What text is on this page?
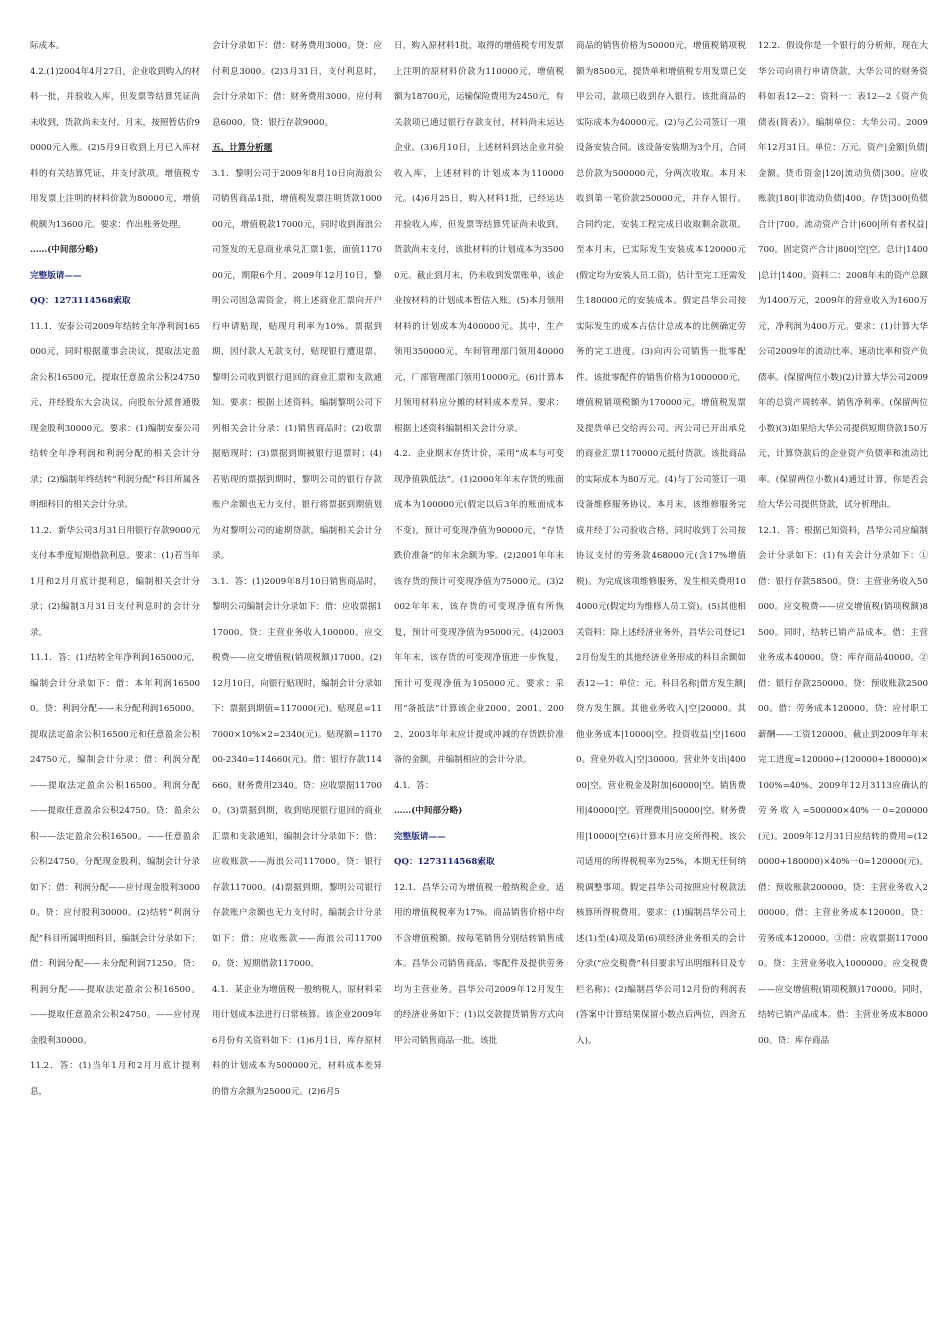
际成本。

4.2.(1)2004年4月27日，企业收到购入的材料一批，并验收入库，但发票等结算凭证尚未收到，货款尚未支付。月末，按照暂估价90000元入账。(2)5月9日收到上月已入库材料的有关结算凭证，并支付款项。增值税专用发票上注明的材料价款为80000元，增值税额为13600元。要求：作出账务处理。

……(中间部分略)

完整版请——

QQ：1273114568索取

11.1．安泰公司2009年结转全年净利润165000元，同时根据董事会决议，提取法定盈余公积16500元，提取任意盈余公积24750元，并经股东大会决议，向股东分派普通股现金股利30000元。要求：(1)编制安泰公司结转全年净利润和利润分配的相关会计分录；(2)编制年终结转“利润分配”科目所属各明细科目的相关会计分录。

11.2．新华公司3月31日用银行存款9000元支付本季度短期借款利息。要求：(1)若当年1月和2月月底计提利息，编制相关会计分录；(2)编制3月31日支付利息时的会计分录。

11.1．答：(1)结转全年净利润165000元，编制会计分录如下：借：本年利润165000。贷：利润分配——未分配利润165000。提取法定盈余公积16500元和任意盈余公积24750元，编制会计分录：借：利润分配——提取法定盈余公积16500。利润分配——提取任意盈余公积24750。贷：盈余公积——法定盈余公积16500。——任意盈余公积24750。分配现金股利，编制会计分录如下：借：利润分配——应付现金股利30000。贷：应付股利30000。(2)结转“利润分配”科目所属明细科目，编制会计分录如下：借：利润分配——未分配利润71250。贷：利润分配——提取法定盈余公积16500。——提取任意盈余公积24750。——应付现金股利30000。

11.2．答：(1)当年1月和2月月底计提利息，

会计分录如下：借：财务费用3000。贷：应付利息3000。(2)3月31日，支付利息时，会计分录如下：借：财务费用3000。应付利息6000。贷：银行存款9000。

五、计算分析题

3.1．黎明公司于2009年8月10日向海浪公司销售商品1批，增值税发票注明货款100000元，增值税款17000元，同时收到海浪公司签发的无息商业承兑汇票1张，面值117000元，期限6个月。2009年12月10日，黎明公司因急需资金，将上述商业汇票向开户行申请贴现，贴现月利率为10%。票据到期，因付款人无款支付，贴现银行遭退票。黎明公司收到银行退回的商业汇票和支款通知。要求：根据上述资料，编制黎明公司下列相关会计分录：(1)销售商品时；(2)收票据贴现时；(3)票据到期被银行退票时；(4)若贴现的票据到期时，黎明公司的银行存款账户余额也无力支付，银行将票据到期值划为对黎明公司的逾期贷款，编制相关会计分录。

3.1．答：(1)2009年8月10日销售商品时，黎明公司编制会计分录如下：借：应收票据117000。贷：主营业务收入100000。应交税费——应交增值税(销项税额)17000。(2)12月10日，向银行贴现时，编制会计分录如下：票据到期值=117000(元)。贴现息=117000×10%×2=2340(元)。贴现额=117000-2340=114660(元)。借：银行存款114660。财务费用2340。贷：应收票据117000。(3)票据到期，收到贴现银行退回的商业汇票和支款通知，编制会计分录如下：借：应收账款——海浪公司117000。贷：银行存款117000。(4)票据到期，黎明公司银行存款账户余额也无力支付时，编制会计分录如下：借：应收账款——海浪公司117000。贷：短期借款117000。

4.1．某企业为增值税一般纳税人，原材料采用计划成本法进行日常核算。该企业2009年6月份有关资料如下：(1)6月1日，库存原材料的计划成本为500000元，材料成本差异的借方余额为25000元。(2)6月5

日，购入原材料1批，取得的增值税专用发票上注明的原材料价款为110000元，增值税额为18700元，运输保险费用为2450元，有关款项已通过银行存款支付，材料尚未运达企业。(3)6月10日，上述材料到达企业并验收入库，上述材料的计划成本为110000元。(4)6月25日，购入材料1批，已经运达并验收入库，但发票等结算凭证尚未收到，货款尚未支付，该批材料的计划成本为35000元。截止到月末，仍未收到发票账单，该企业按材料的计划成本暂估入账。(5)本月领用材料的计划成本为400000元。其中，生产领用350000元，车间管理部门领用40000元，厂部管理部门领用10000元。(6)计算本月领用材料应分摊的材料成本差异。要求：根据上述资料编制相关会计分录。

4.2．企业期末存货计价，采用“成本与可变现净值孰低法”。(1)2000年年末存货的账面成本为100000元(假定以后3年的账面成本不变)，预计可变现净值为90000元，“存货跌价准备”的年末余额为零。(2)2001年年末该存货的预计可变现净值为75000元。(3)2002年年末，该存货的可变现净值有所恢复，预计可变现净值为95000元。(4)2003年年末，该存货的可变现净值进一步恢复，预计可变现净值为105000元。要求：采用“备抵法”计算该企业2000、2001、2002、2003年年末应计提或冲减的存货跌价准备的金额，并编制相应的会计分录。

4.1．答：

……(中间部分略)

完整版请——

QQ：1273114568索取

12.1．昌华公司为增值税一般纳税企业，适用的增值税税率为17%。商品销售价格中均不含增值税额。按每笔销售分别结转销售成本。昌华公司销售商品、零配件及提供劳务均为主营业务。昌华公司2009年12月发生的经济业务如下：(1)以交款提货销售方式向甲公司销售商品一批。该批

商品的销售价格为50000元，增值税销项税额为8500元，提货单和增值税专用发票已交甲公司，款项已收到存入银行。该批商品的实际成本为40000元。(2)与乙公司签订一项设备安装合同。该设备安装期为3个月，合同总价款为500000元，分两次收取。本月末收到第一笔价款250000元，并存入银行。合同约定，安装工程完成日收取剩余款项。至本月末，已实际发生安装成本120000元(假定均为安装人员工资)，估计至完工还需发生180000元的安装成本。假定昌华公司按实际发生的成本占估计总成本的比例确定劳务的完工进度。(3)向丙公司销售一批零配件。该批零配件的销售价格为1000000元，增值税销项税额为170000元，增值税发票及提货单已交给丙公司。丙公司已开出承兑的商业汇票1170000元抵付货款。该批商品的实际成本为80万元。(4)与丁公司签订一项设备维修服务协议。本月末，该维修服务完成并经丁公司验收合格，同时收到丁公司按协议支付的劳务款468000元(含17%增值税)。为完成该项维修服务，发生相关费用104000元(假定均为维修人员工资)。(5)其他相关资料：除上述经济业务外，昌华公司登记12月份发生的其他经济业务形成的科目余额如表12—1：单位：元。科目名称|借方发生额|贷方发生额。其他业务收入|空|20000。其他业务成本|10000|空。投资收益|空|16000。营业外收入|空|30000。营业外支出|40000|空。营业税金及附加|60000|空。销售费用|40000|空。管理费用|50000|空。财务费用|10000|空(6)计算本月应交所得税。该公司适用的所得税税率为25%，本期无任何纳税调整事项。假定昌华公司按照应付税款法核算所得税费用。要求：(1)编制昌华公司上述(1)至(4)项及第(6)项经济业务相关的会计分录(“应交税费”科目要求写出明细科目及专栏名称)；(2)编制昌华公司12月份的利润表(答案中计算结果保留小数点后两位，四舍五入)。

12.2．假设你是一个银行的分析师，现在大华公司向贵行申请贷款，大华公司的财务资料如表12—2：资料一：表12—2《资产负债表(简表)》。编制单位：大华公司。2009年12月31日。单位：万元。资产|金额|负债|金额。货币资金|120|流动负债|300。应收账款|180|非流动负债|400。存货|300|负债合计|700。流动资产合计|600|所有者权益|700。固定资产合计|800|空|空。总计|1400|总计|1400。资料二：2008年末的资产总额为1400万元，2009年的营业收入为1600万元，净利润为400万元。要求：(1)计算大华公司2009年的流动比率、速动比率和资产负债率。(保留两位小数)(2)计算大华公司2009年的总资产周转率、销售净利率。(保留两位小数)(3)如果给大华公司提供短期贷款150万元，计算贷款后的企业资产负债率和流动比率。(保留两位小数)(4)通过计算，你是否会给大华公司提供贷款，试分析理由。

12.1．答：根据已知资料，昌华公司应编制会计分录如下：(1)有关会计分录如下：①借：银行存款58500。贷：主营业务收入50000。应交税费——应交增值税(销项税额)8500。同时，结转已销产品成本。借：主营业务成本40000。贷：库存商品40000。②借：银行存款250000。贷：预收账款250000。借：劳务成本120000。贷：应付职工薪酬——工资120000。截止到2009年年末完工进度=120000÷(120000+180000)×100%=40%。2009年12月3113应确认的劳务收入=500000×40%一0=200000(元)。2009年12月31日应结转的费用=(120000+180000)×40%一0=120000(元)。借：预收账款200000。贷：主营业务收入200000。借：主营业务成本120000。贷：劳务成本120000。③借：应收票据1170000。贷：主营业务收入1000000。应交税费——应交增值税(销项税额)170000。同时，结转已销产品成本。借：主营业务成本800000。贷：库存商品
